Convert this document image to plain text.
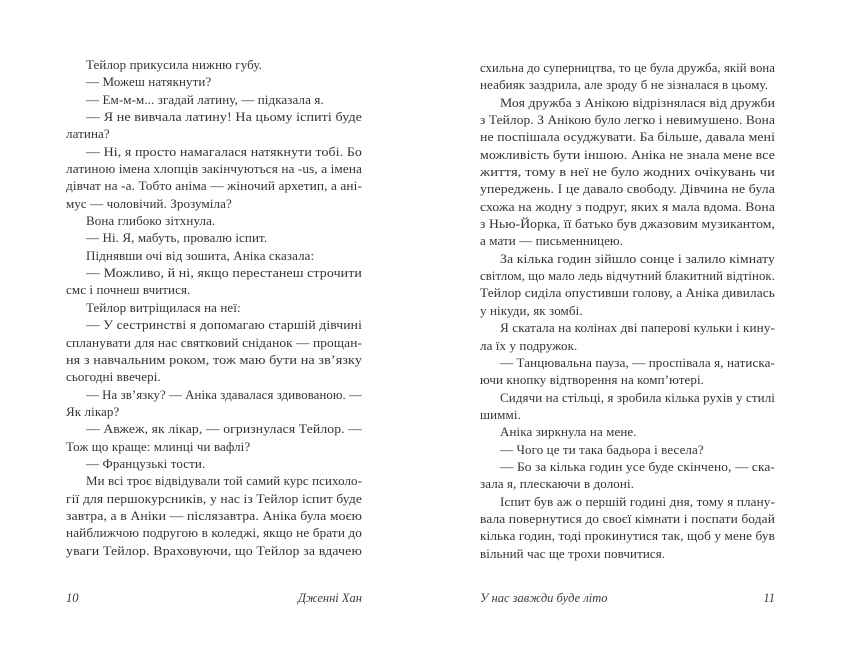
Тейлор прикусила нижню губу.
— Можеш натякнути?
— Ем-м-м... згадай латину, — підказала я.
— Я не вивчала латину! На цьому іспиті буде
латина?
— Ні, я просто намагалася натякнути тобі. Бо
латиною імена хлопців закінчуються на -us, а імена
дівчат на -а. Тобто аніма — жіночий архетип, а ані-
мус — чоловічий. Зрозуміла?
Вона глибоко зітхнула.
— Ні. Я, мабуть, провалю іспит.
Піднявши очі від зошита, Аніка сказала:
— Можливо, й ні, якщо перестанеш строчити
смс і почнеш вчитися.
Тейлор витріщилася на неї:
— У сестринстві я допомагаю старшій дівчині
спланувати для нас святковий сніданок — прощан-
ня з навчальним роком, тож маю бути на зв’язку
сьогодні ввечері.
— На зв’язку? — Аніка здавалася здивованою. —
Як лікар?
— Авжеж, як лікар, — огризнулася Тейлор. —
Тож що краще: млинці чи вафлі?
— Французькі тости.
Ми всі троє відвідували той самий курс психоло-
гії для першокурсників, у нас із Тейлор іспит буде
завтра, а в Аніки — післязавтра. Аніка була моєю
найближчою подругою в коледжі, якщо не брати до
уваги Тейлор. Враховуючи, що Тейлор за вдачею
схильна до суперництва, то це була дружба, якій вона
неабияк заздрила, але зроду б не зізналася в цьому.
Моя дружба з Анікою відрізнялася від дружби
з Тейлор. З Анікою було легко і невимушено. Вона
не поспішала осуджувати. Ба більше, давала мені
можливість бути іншою. Аніка не знала мене все
життя, тому в неї не було жодних очікувань чи
упереджень. І це давало свободу. Дівчина не була
схожа на жодну з подруг, яких я мала вдома. Вона
з Нью-Йорка, її батько був джазовим музикантом,
а мати — письменницею.
За кілька годин зійшло сонце і залило кімнату
світлом, що мало ледь відчутний блакитний відтінок.
Тейлор сиділа опустивши голову, а Аніка дивилась
у нікуди, як зомбі.
Я скатала на колінах дві паперові кульки і кину-
ла їх у подружок.
— Танцювальна пауза, — проспівала я, натиска-
ючи кнопку відтворення на комп’ютері.
Сидячи на стільці, я зробила кілька рухів у стилі
шиммі.
Аніка зиркнула на мене.
— Чого це ти така бадьора і весела?
— Бо за кілька годин усе буде скінчено, — ска-
зала я, плескаючи в долоні.
Іспит був аж о першій годині дня, тому я плану-
вала повернутися до своєї кімнати і поспати бодай
кілька годин, тоді прокинутися так, щоб у мене був
вільний час ще трохи повчитися.
10	Дженні Хан	У нас завжди буде літо	11
